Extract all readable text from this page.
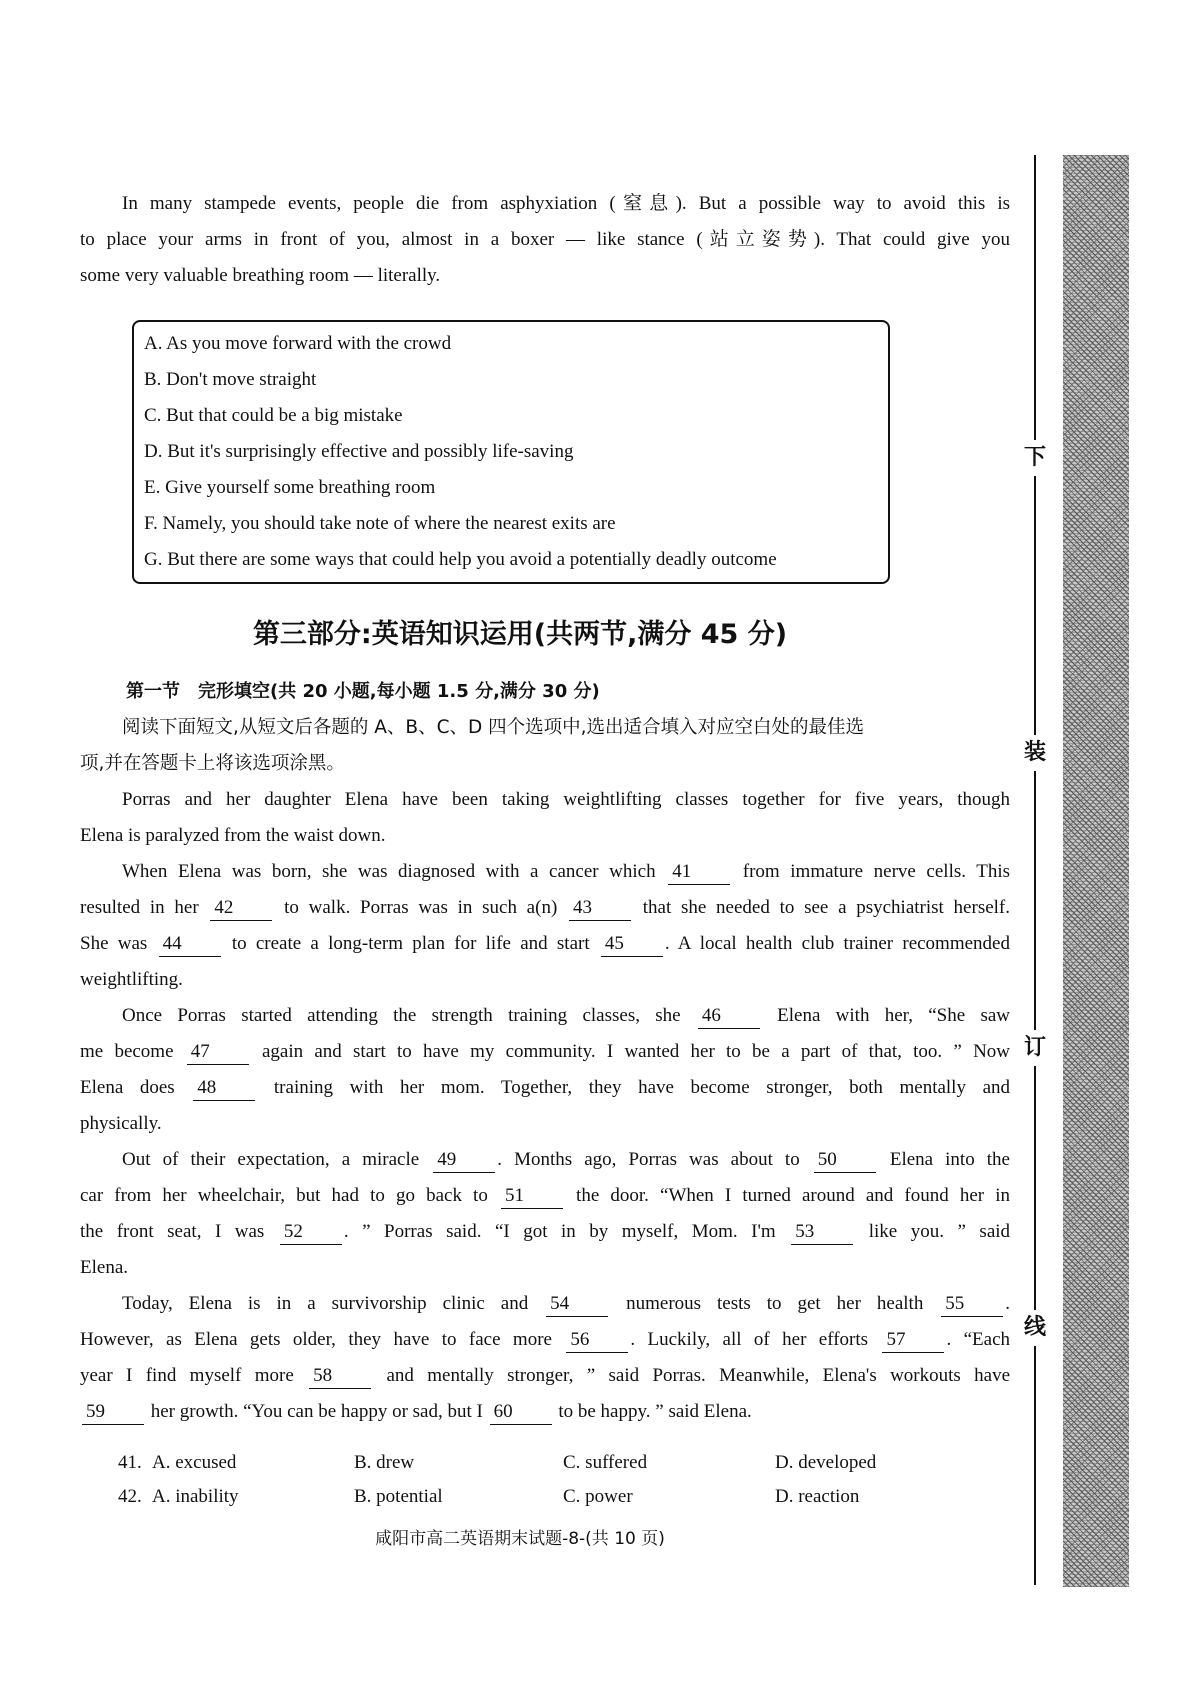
In many stampede events, people die from asphyxiation (窒息). But a possible way to avoid this is
to place your arms in front of you, almost in a boxer — like stance (站立姿势). That could give you
some very valuable breathing room — literally.
A. As you move forward with the crowd
B. Don't move straight
C. But that could be a big mistake
D. But it's surprisingly effective and possibly life-saving
E. Give yourself some breathing room
F. Namely, you should take note of where the nearest exits are
G. But there are some ways that could help you avoid a potentially deadly outcome
第三部分:英语知识运用(共两节,满分 45 分)
第一节　完形填空(共 20 小题,每小题 1.5 分,满分 30 分)
阅读下面短文,从短文后各题的 A、B、C、D 四个选项中,选出适合填入对应空白处的最佳选
项,并在答题卡上将该选项涂黑。
Porras and her daughter Elena have been taking weightlifting classes together for five years, though
Elena is paralyzed from the waist down.
When Elena was born, she was diagnosed with a cancer which 41	from immature nerve cells. This
resulted in her 42	to walk. Porras was in such a(n) 43	that she needed to see a psychiatrist herself.
She was 44	to create a long-term plan for life and start 45 . A local health club trainer recommended
weightlifting.
Once Porras started attending the strength training classes, she 46	Elena with her, “She saw
me become 47	again and start to have my community. I wanted her to be a part of that, too. ” Now
Elena does 48	training with her mom. Together, they have become stronger, both mentally and
physically.
Out of their expectation, a miracle 49 . Months ago, Porras was about to 50	Elena into the
car from her wheelchair, but had to go back to 51	the door. “When I turned around and found her in
the front seat, I was 52 . ” Porras said. “I got in by myself, Mom. I'm 53	like you. ” said
Elena.
Today, Elena is in a survivorship clinic and 54	numerous tests to get her health 55 .
However, as Elena gets older, they have to face more 56 . Luckily, all of her efforts 57 . “Each
year I find myself more 58	and mentally stronger, ” said Porras. Meanwhile, Elena's workouts have
59 her growth. “You can be happy or sad, but I 60 to be happy. ” said Elena.
41. A. excused	B. drew	C. suffered	D. developed
42. A. inability	B. potential	C. power	D. reaction
咸阳市高二英语期末试题-8-(共 10 页)
下
装
订
线
